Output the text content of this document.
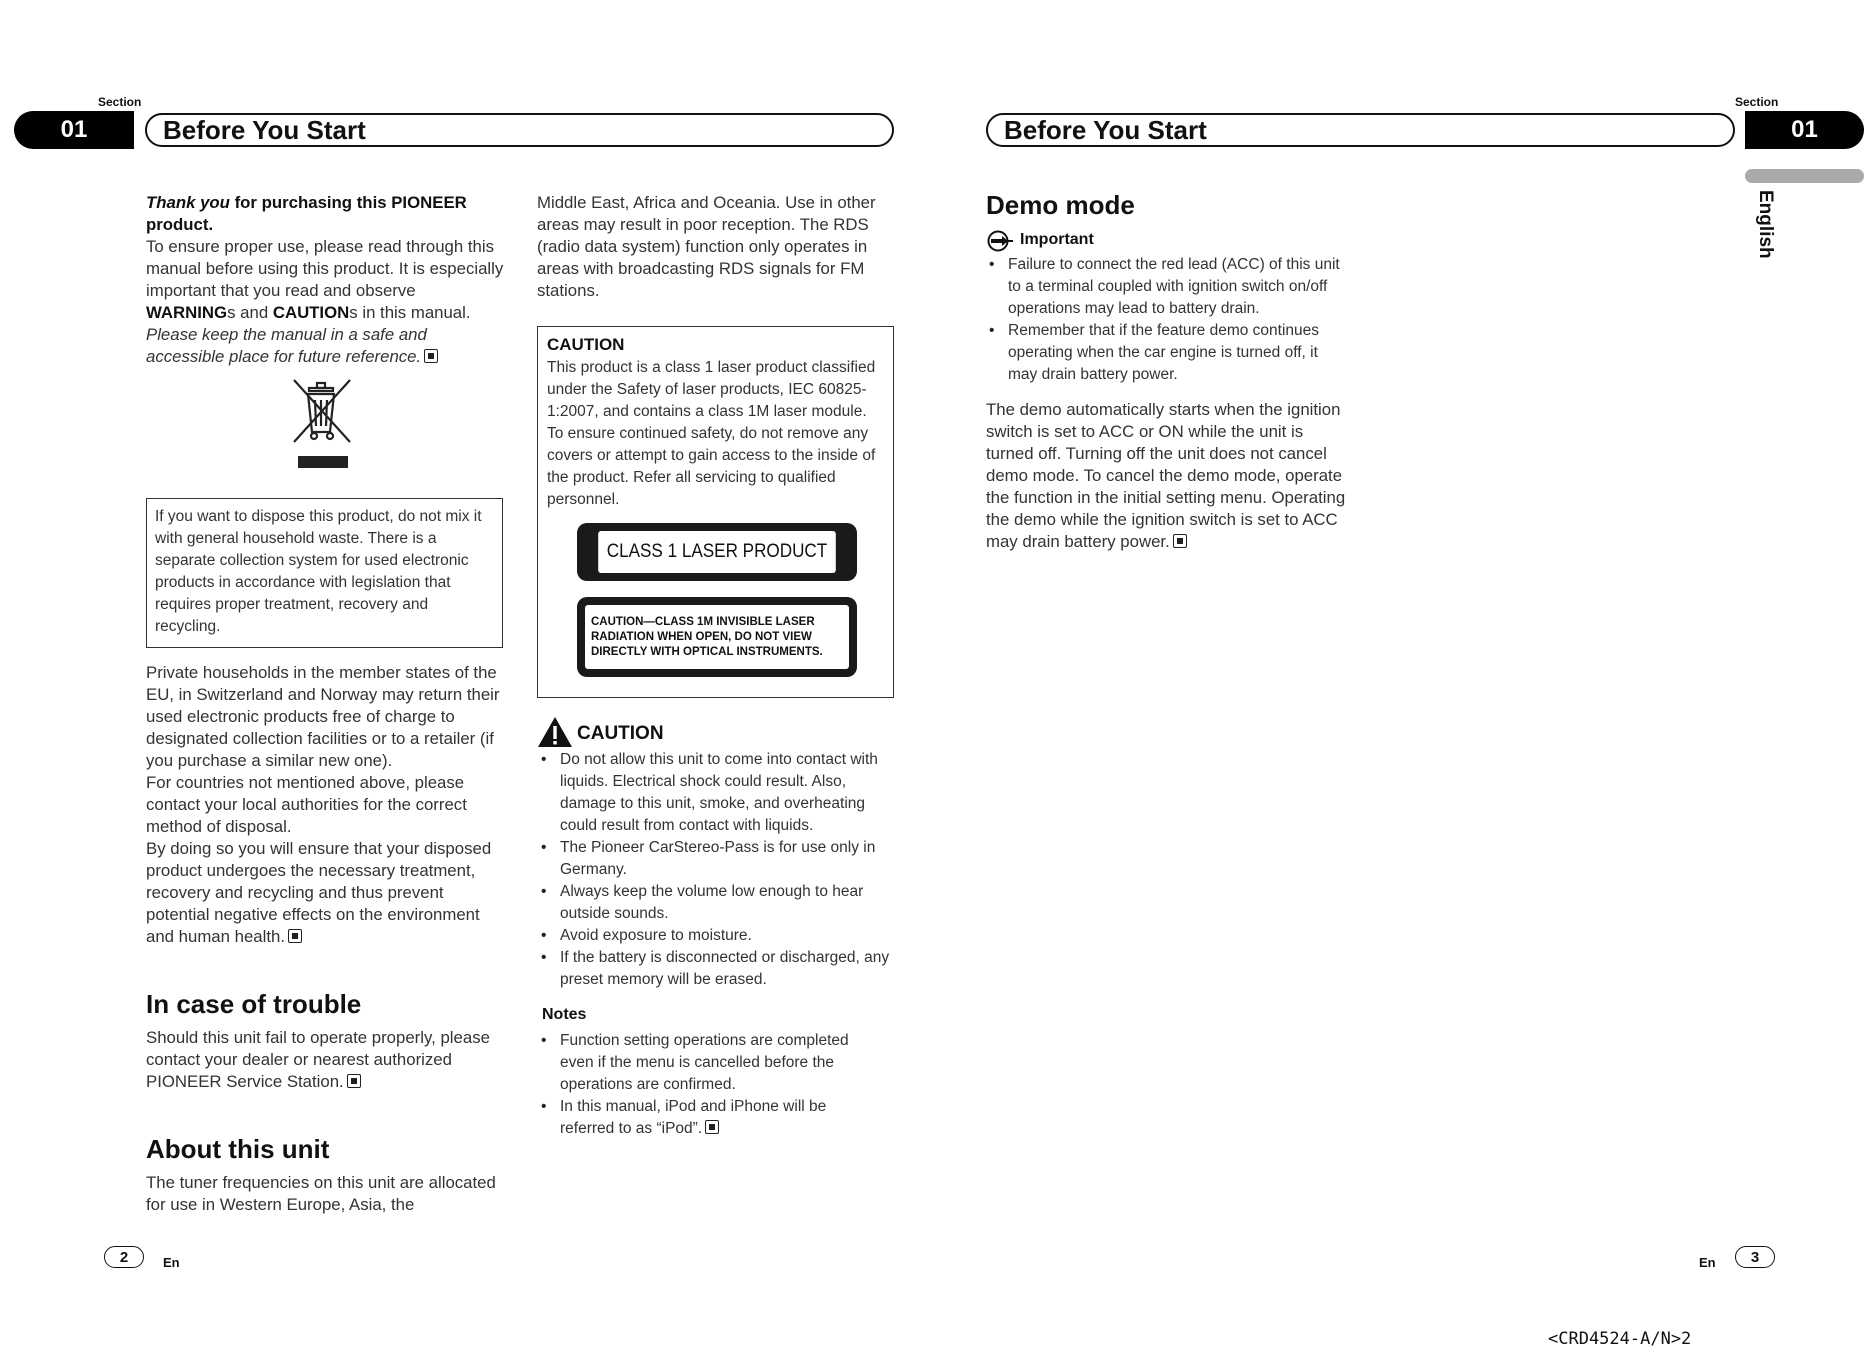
Section
01	Before You Start

Thank you for purchasing this PIONEER product.

To ensure proper use, please read through this manual before using this product. It is especially important that you read and observe WARNINGs and CAUTIONs in this manual.

Please keep the manual in a safe and accessible place for future reference.

If you want to dispose this product, do not mix it with general household waste. There is a separate collection system for used electronic products in accordance with legislation that requires proper treatment, recovery and recycling.

Private households in the member states of the EU, in Switzerland and Norway may return their used electronic products free of charge to designated collection facilities or to a retailer (if you purchase a similar new one).

For countries not mentioned above, please contact your local authorities for the correct method of disposal.

By doing so you will ensure that your disposed product undergoes the necessary treatment, recovery and recycling and thus prevent potential negative effects on the environment and human health.

In case of trouble

Should this unit fail to operate properly, please contact your dealer or nearest authorized PIONEER Service Station.

About this unit

The tuner frequencies on this unit are allocated for use in Western Europe, Asia, the

Middle East, Africa and Oceania. Use in other areas may result in poor reception. The RDS (radio data system) function only operates in areas with broadcasting RDS signals for FM stations.

CAUTION
This product is a class 1 laser product classified under the Safety of laser products, IEC 60825-1:2007, and contains a class 1M laser module. To ensure continued safety, do not remove any covers or attempt to gain access to the inside of the product. Refer all servicing to qualified personnel.
CLASS 1 LASER PRODUCT
CAUTION—CLASS 1M INVISIBLE LASER RADIATION WHEN OPEN, DO NOT VIEW DIRECTLY WITH OPTICAL INSTRUMENTS.
CAUTION
• Do not allow this unit to come into contact with liquids. Electrical shock could result. Also, damage to this unit, smoke, and overheating could result from contact with liquids.
• The Pioneer CarStereo-Pass is for use only in Germany.
• Always keep the volume low enough to hear outside sounds.
• Avoid exposure to moisture.
• If the battery is disconnected or discharged, any preset memory will be erased.
Notes
• Function setting operations are completed even if the menu is cancelled before the operations are confirmed.
• In this manual, iPod and iPhone will be referred to as “iPod”.
2	En
Section
01
Before You Start
English
Demo mode
Important
• Failure to connect the red lead (ACC) of this unit to a terminal coupled with ignition switch on/off operations may lead to battery drain.
• Remember that if the feature demo continues operating when the car engine is turned off, it may drain battery power.

The demo automatically starts when the ignition switch is set to ACC or ON while the unit is turned off. Turning off the unit does not cancel demo mode. To cancel the demo mode, operate the function in the initial setting menu. Operating the demo while the ignition switch is set to ACC may drain battery power.

En	3
<CRD4524-A/N>2
